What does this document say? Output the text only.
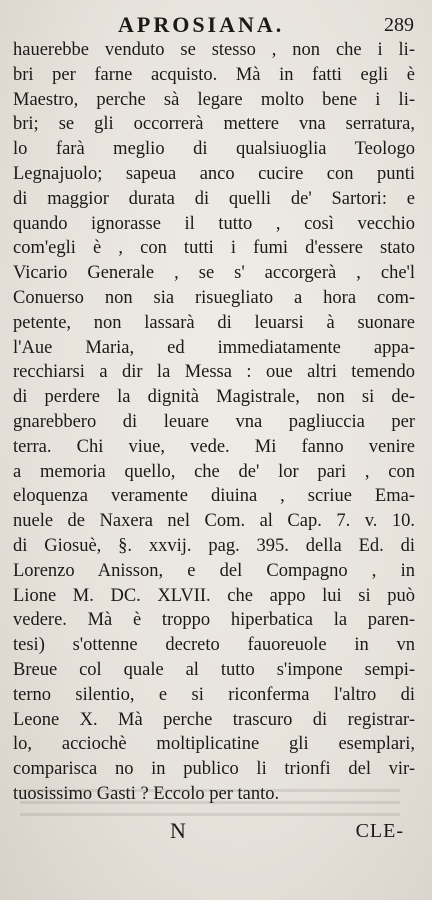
APROSIANA.	289
hauerebbe venduto se stesso , non che i li-
bri per farne acquisto. Mà in fatti egli è
Maestro, perche sà legare molto bene i li-
bri; se gli occorrerà mettere vna serratura,
lo farà meglio di qualsiuoglia Teologo
Legnajuolo; sapeua anco cucire con punti
di maggior durata di quelli de' Sartori: e
quando ignorasse il tutto , così vecchio
com'egli è , con tutti i fumi d'essere stato
Vicario Generale , se s' accorgerà , che'l
Conuerso non sia risuegliato a hora com-
petente, non lassarà di leuarsi à suonare
l'Aue Maria, ed immediatamente appa-
recchiarsi a dir la Messa : oue altri temendo
di perdere la dignità Magistrale, non si de-
gnarebbero di leuare vna pagliuccia per
terra. Chi viue, vede. Mi fanno venire
a memoria quello, che de' lor pari , con
eloquenza veramente diuina , scriue Ema-
nuele de Naxera nel Com. al Cap. 7. v. 10.
di Giosuè, §. xxvij. pag. 395. della Ed. di
Lorenzo Anisson, e del Compagno , in
Lione M. DC. XLVII. che appo lui si può
vedere. Mà è troppo hiperbatica la paren-
tesi) s'ottenne decreto fauoreuole in vn
Breue col quale al tutto s'impone sempi-
terno silentio, e si riconferma l'altro di
Leone X. Mà perche trascuro di registrar-
lo, acciochè moltiplicatine gli esemplari,
comparisca no in publico li trionfi del vir-
tuosissimo Gasti ? Eccolo per tanto.
N	CLE-
